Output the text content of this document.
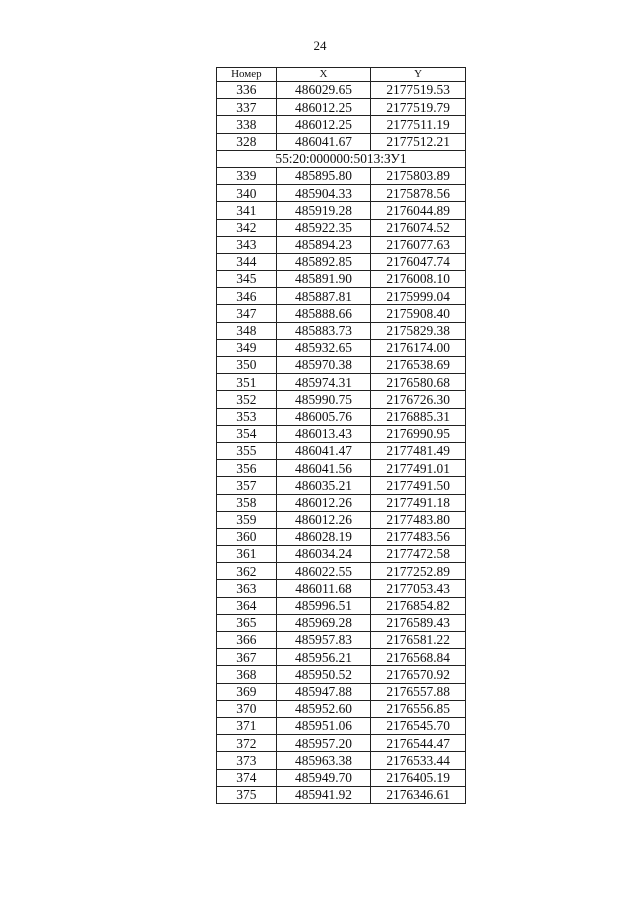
24
Номер	X	Y
336	486029.65	2177519.53
337	486012.25	2177519.79
338	486012.25	2177511.19
328	486041.67	2177512.21
55:20:000000:5013:ЗУ1		
339	485895.80	2175803.89
340	485904.33	2175878.56
341	485919.28	2176044.89
342	485922.35	2176074.52
343	485894.23	2176077.63
344	485892.85	2176047.74
345	485891.90	2176008.10
346	485887.81	2175999.04
347	485888.66	2175908.40
348	485883.73	2175829.38
349	485932.65	2176174.00
350	485970.38	2176538.69
351	485974.31	2176580.68
352	485990.75	2176726.30
353	486005.76	2176885.31
354	486013.43	2176990.95
355	486041.47	2177481.49
356	486041.56	2177491.01
357	486035.21	2177491.50
358	486012.26	2177491.18
359	486012.26	2177483.80
360	486028.19	2177483.56
361	486034.24	2177472.58
362	486022.55	2177252.89
363	486011.68	2177053.43
364	485996.51	2176854.82
365	485969.28	2176589.43
366	485957.83	2176581.22
367	485956.21	2176568.84
368	485950.52	2176570.92
369	485947.88	2176557.88
370	485952.60	2176556.85
371	485951.06	2176545.70
372	485957.20	2176544.47
373	485963.38	2176533.44
374	485949.70	2176405.19
375	485941.92	2176346.61
